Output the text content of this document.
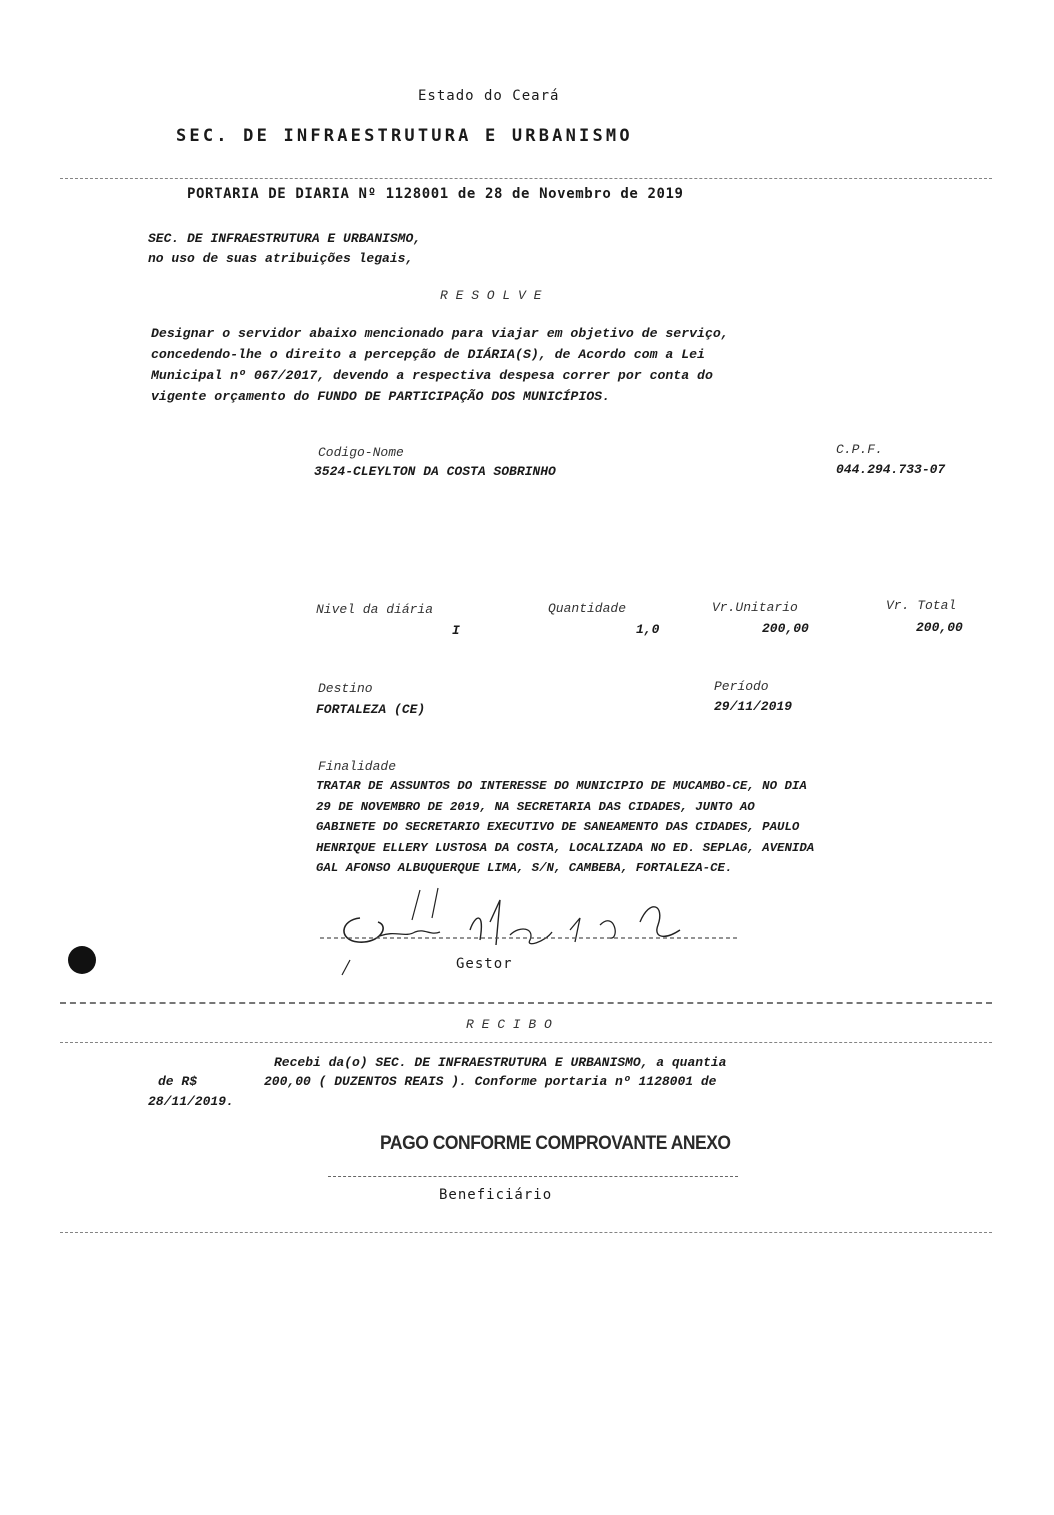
Estado do Ceará
SEC. DE INFRAESTRUTURA E URBANISMO
PORTARIA DE DIARIA Nº 1128001 de 28 de Novembro de 2019
SEC. DE INFRAESTRUTURA E URBANISMO,
no uso de suas atribuições legais,
R E S O L V E
Designar o servidor abaixo mencionado para viajar em objetivo de serviço,
concedendo-lhe o direito a percepção de DIÁRIA(S), de Acordo com a Lei
Municipal nº 067/2017, devendo a respectiva despesa correr por conta do
vigente orçamento do FUNDO DE PARTICIPAÇÃO DOS MUNICÍPIOS.
Codigo-Nome
3524-CLEYLTON DA COSTA SOBRINHO
C.P.F.
044.294.733-07
Nivel da diária
I
Quantidade
1,0
Vr.Unitario
200,00
Vr. Total
200,00
Destino
FORTALEZA (CE)
Período
29/11/2019
Finalidade
TRATAR DE ASSUNTOS DO INTERESSE DO MUNICIPIO DE MUCAMBO-CE, NO DIA
29 DE NOVEMBRO DE 2019, NA SECRETARIA DAS CIDADES, JUNTO AO
GABINETE DO SECRETARIO EXECUTIVO DE SANEAMENTO DAS CIDADES, PAULO
HENRIQUE ELLERY LUSTOSA DA COSTA, LOCALIZADA NO ED. SEPLAG, AVENIDA
GAL AFONSO ALBUQUERQUE LIMA, S/N, CAMBEBA, FORTALEZA-CE.
Gestor
R E C I B O
Recebi da(o) SEC. DE INFRAESTRUTURA E URBANISMO, a quantia
de R$	200,00 ( DUZENTOS REAIS ). Conforme portaria nº 1128001 de
28/11/2019.
PAGO CONFORME COMPROVANTE ANEXO
Beneficiário
